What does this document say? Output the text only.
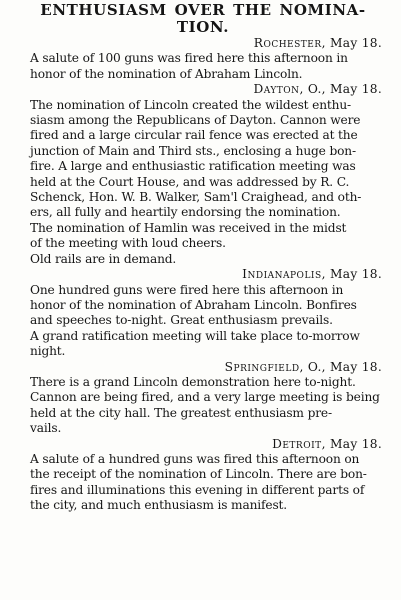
ENTHUSIASM OVER THE NOMINA-
TION.

Rochester, May 18.

A salute of 100 guns was fired here this afternoon in
honor of the nomination of Abraham Lincoln.

Dayton, O., May 18.

The nomination of Lincoln created the wildest enthu-
siasm among the Republicans of Dayton. Cannon were
fired and a large circular rail fence was erected at the
junction of Main and Third sts., enclosing a huge bon-
fire. A large and enthusiastic ratification meeting was
held at the Court House, and was addressed by R. C.
Schenck, Hon. W. B. Walker, Sam'l Craighead, and oth-
ers, all fully and heartily endorsing the nomination.

The nomination of Hamlin was received in the midst
of the meeting with loud cheers.

Old rails are in demand.

Indianapolis, May 18.

One hundred guns were fired here this afternoon in
honor of the nomination of Abraham Lincoln. Bonfires
and speeches to-night. Great enthusiasm prevails.

A grand ratification meeting will take place to-morrow
night.

Springfield, O., May 18.

There is a grand Lincoln demonstration here to-night.
Cannon are being fired, and a very large meeting is being
held at the city hall. The greatest enthusiasm pre-
vails.

Detroit, May 18.

A salute of a hundred guns was fired this afternoon on
the receipt of the nomination of Lincoln. There are bon-
fires and illuminations this evening in different parts of
the city, and much enthusiasm is manifest.
